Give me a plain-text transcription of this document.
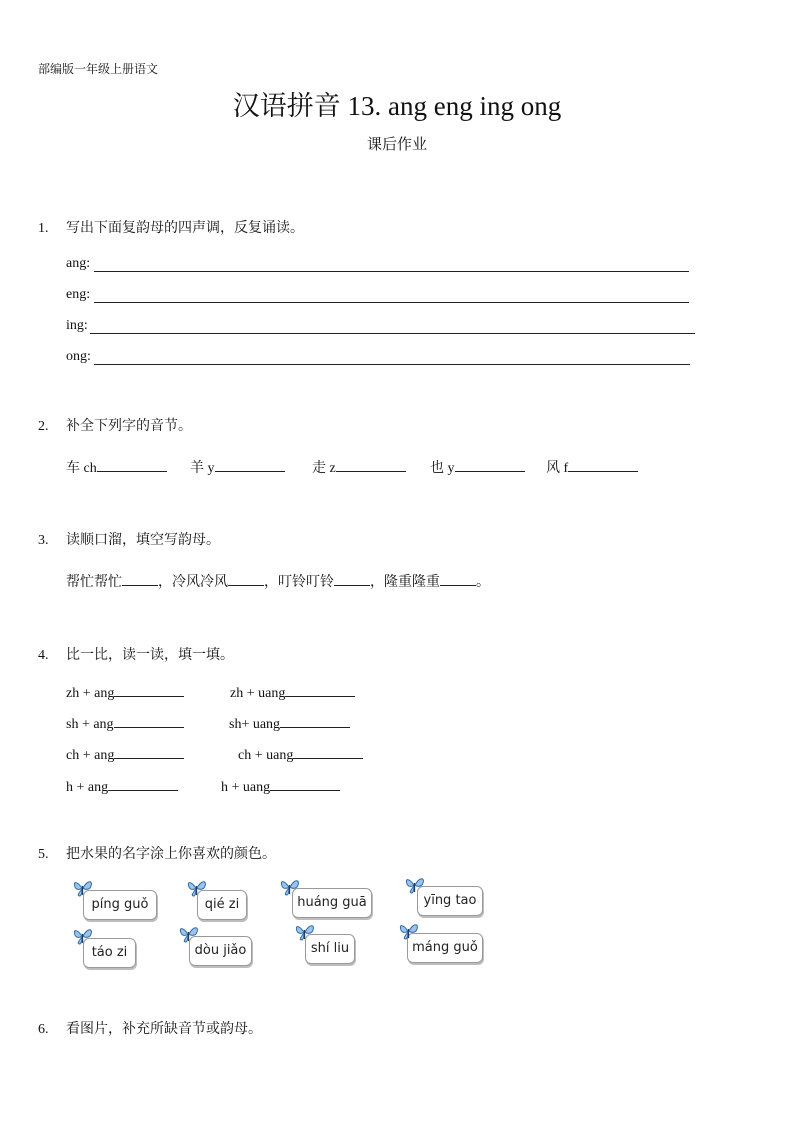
部编版一年级上册语文
汉语拼音 13. ang eng ing ong
课后作业
1. 写出下面复韵母的四声调，反复诵读。
ang:
eng:
ing:
ong:
2. 补全下列字的音节。
车 ch	羊 y	走 z	也 y	风 f
3. 读顺口溜，填空写韵母。
帮忙帮忙	，冷风冷风	，叮铃叮铃	，隆重隆重	。
4. 比一比，读一读，填一填。
zh + ang	zh + uang
sh + ang	sh+ uang
ch + ang	ch + uang
h + ang	h + uang
5. 把水果的名字涂上你喜欢的颜色。
píng guǒ	qié zi	huáng guā	yīng tao
táo zi	dòu jiǎo	shí liu	máng guǒ
6. 看图片，补充所缺音节或韵母。
